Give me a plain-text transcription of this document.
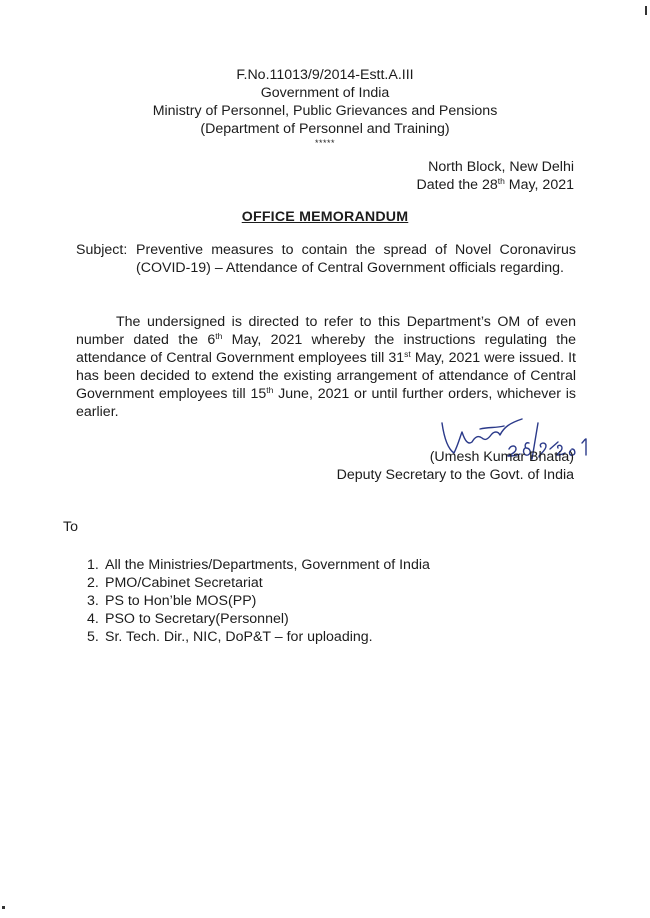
F.No.11013/9/2014-Estt.A.III
Government of India
Ministry of Personnel, Public Grievances and Pensions
(Department of Personnel and Training)
*****
North Block, New Delhi
Dated the 28th May, 2021
OFFICE MEMORANDUM
Subject: Preventive measures to contain the spread of Novel Coronavirus (COVID-19) – Attendance of Central Government officials regarding.
The undersigned is directed to refer to this Department’s OM of even number dated the 6th May, 2021 whereby the instructions regulating the attendance of Central Government employees till 31st May, 2021 were issued. It has been decided to extend the existing arrangement of attendance of Central Government employees till 15th June, 2021 or until further orders, whichever is earlier.
(Umesh Kumar Bhatia)
Deputy Secretary to the Govt. of India
To
1. All the Ministries/Departments, Government of India
2. PMO/Cabinet Secretariat
3. PS to Hon’ble MOS(PP)
4. PSO to Secretary(Personnel)
5. Sr. Tech. Dir., NIC, DoP&T – for uploading.
